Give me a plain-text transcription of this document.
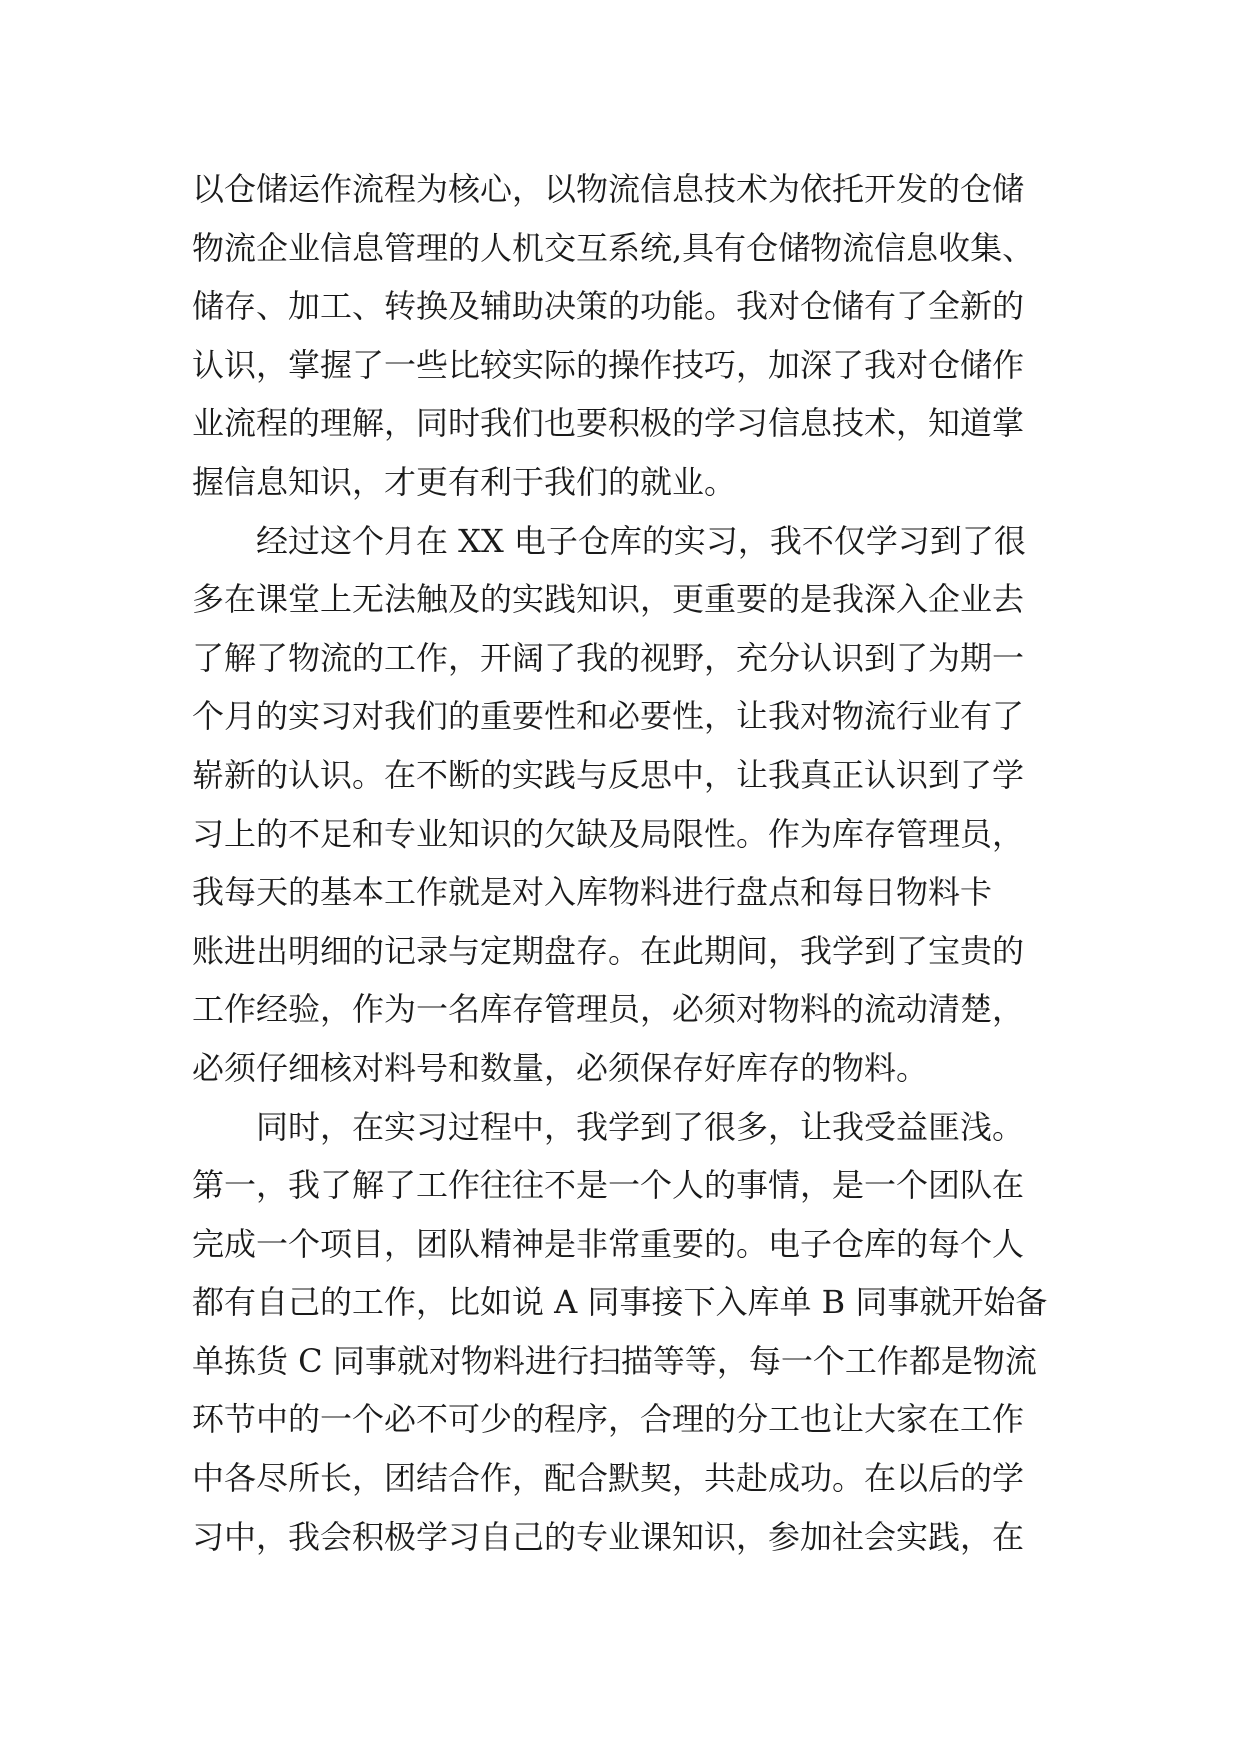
以仓储运作流程为核心，以物流信息技术为依托开发的仓储
物流企业信息管理的人机交互系统,具有仓储物流信息收集、
储存、加工、转换及辅助决策的功能。我对仓储有了全新的
认识，掌握了一些比较实际的操作技巧，加深了我对仓储作
业流程的理解，同时我们也要积极的学习信息技术，知道掌
握信息知识，才更有利于我们的就业。
经过这个月在 XX 电子仓库的实习，我不仅学习到了很
多在课堂上无法触及的实践知识，更重要的是我深入企业去
了解了物流的工作，开阔了我的视野，充分认识到了为期一
个月的实习对我们的重要性和必要性，让我对物流行业有了
崭新的认识。在不断的实践与反思中，让我真正认识到了学
习上的不足和专业知识的欠缺及局限性。作为库存管理员，
我每天的基本工作就是对入库物料进行盘点和每日物料卡
账进出明细的记录与定期盘存。在此期间，我学到了宝贵的
工作经验，作为一名库存管理员，必须对物料的流动清楚，
必须仔细核对料号和数量，必须保存好库存的物料。
同时，在实习过程中，我学到了很多，让我受益匪浅。
第一，我了解了工作往往不是一个人的事情，是一个团队在
完成一个项目，团队精神是非常重要的。电子仓库的每个人
都有自己的工作，比如说 A 同事接下入库单 B 同事就开始备
单拣货 C 同事就对物料进行扫描等等，每一个工作都是物流
环节中的一个必不可少的程序，合理的分工也让大家在工作
中各尽所长，团结合作，配合默契，共赴成功。在以后的学
习中，我会积极学习自己的专业课知识，参加社会实践，在
